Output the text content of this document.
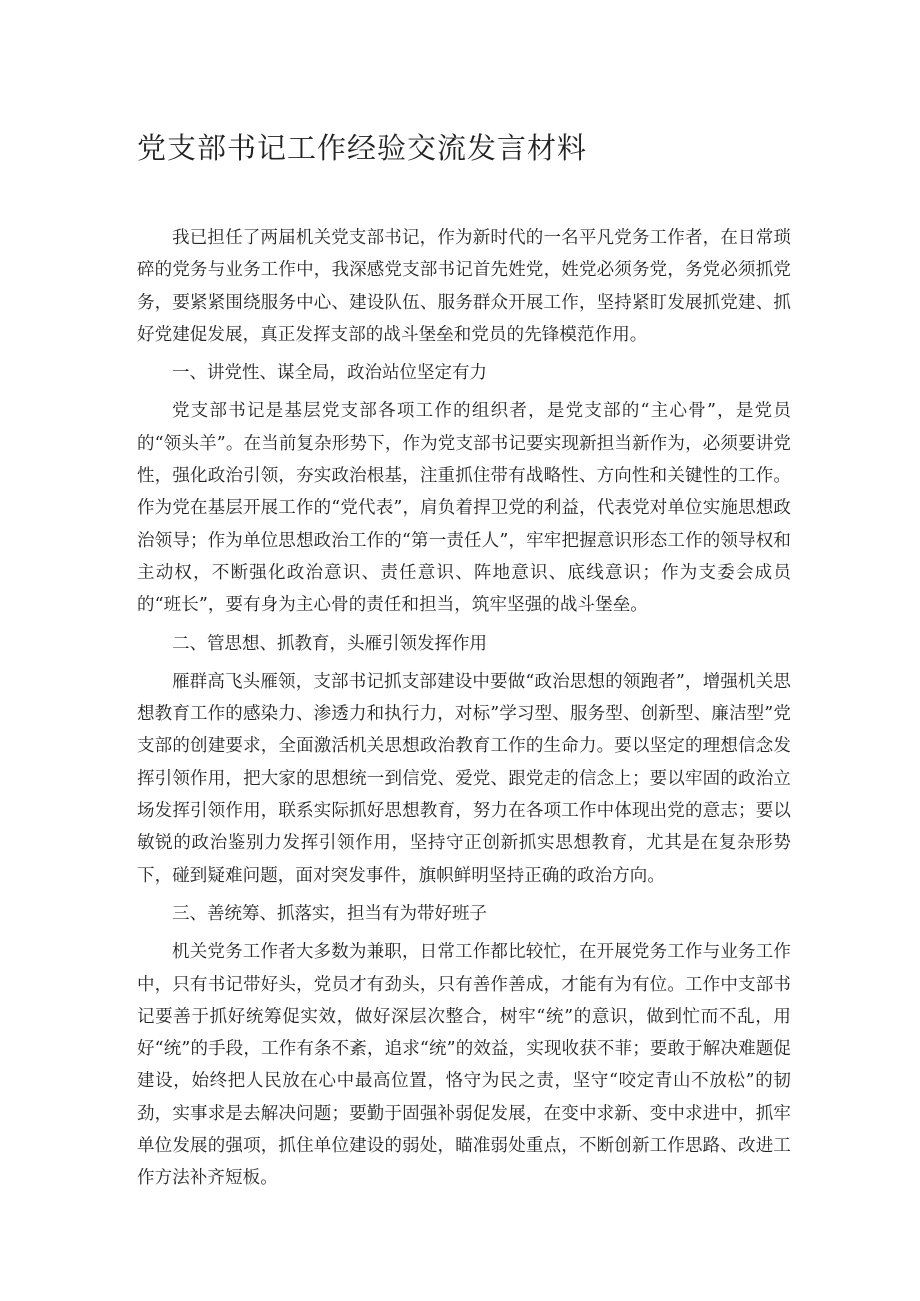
党支部书记工作经验交流发言材料

我已担任了两届机关党支部书记，作为新时代的一名平凡党务工作者，在日常琐碎的党务与业务工作中，我深感党支部书记首先姓党，姓党必须务党，务党必须抓党务，要紧紧围绕服务中心、建设队伍、服务群众开展工作，坚持紧盯发展抓党建、抓好党建促发展，真正发挥支部的战斗堡垒和党员的先锋模范作用。

一、讲党性、谋全局，政治站位坚定有力

党支部书记是基层党支部各项工作的组织者，是党支部的“主心骨”，是党员的“领头羊”。在当前复杂形势下，作为党支部书记要实现新担当新作为，必须要讲党性，强化政治引领，夯实政治根基，注重抓住带有战略性、方向性和关键性的工作。作为党在基层开展工作的“党代表”，肩负着捍卫党的利益，代表党对单位实施思想政治领导；作为单位思想政治工作的“第一责任人”，牢牢把握意识形态工作的领导权和主动权，不断强化政治意识、责任意识、阵地意识、底线意识；作为支委会成员的“班长”，要有身为主心骨的责任和担当，筑牢坚强的战斗堡垒。

二、管思想、抓教育，头雁引领发挥作用

雁群高飞头雁领，支部书记抓支部建设中要做“政治思想的领跑者”，增强机关思想教育工作的感染力、渗透力和执行力，对标”学习型、服务型、创新型、廉洁型”党支部的创建要求，全面激活机关思想政治教育工作的生命力。要以坚定的理想信念发挥引领作用，把大家的思想统一到信党、爱党、跟党走的信念上；要以牢固的政治立场发挥引领作用，联系实际抓好思想教育，努力在各项工作中体现出党的意志；要以敏锐的政治鉴别力发挥引领作用，坚持守正创新抓实思想教育，尤其是在复杂形势下，碰到疑难问题，面对突发事件，旗帜鲜明坚持正确的政治方向。

三、善统筹、抓落实，担当有为带好班子

机关党务工作者大多数为兼职，日常工作都比较忙，在开展党务工作与业务工作中，只有书记带好头，党员才有劲头，只有善作善成，才能有为有位。工作中支部书记要善于抓好统筹促实效，做好深层次整合，树牢“统”的意识，做到忙而不乱，用好“统”的手段，工作有条不紊，追求“统”的效益，实现收获不菲；要敢于解决难题促建设，始终把人民放在心中最高位置，恪守为民之责，坚守“咬定青山不放松”的韧劲，实事求是去解决问题；要勤于固强补弱促发展，在变中求新、变中求进中，抓牢单位发展的强项，抓住单位建设的弱处，瞄准弱处重点，不断创新工作思路、改进工作方法补齐短板。
